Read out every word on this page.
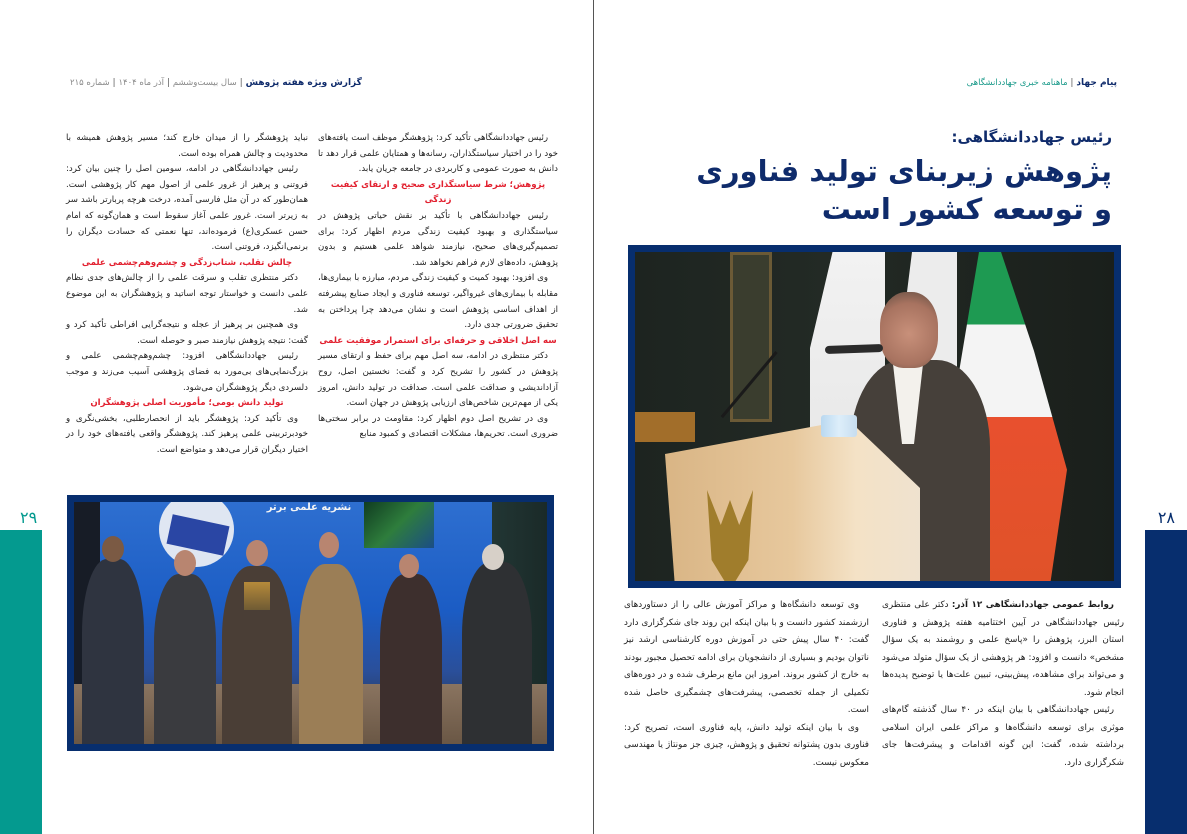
گزارش ویژه هفته پژوهش
|
سال بیست‌وششم
|
آذر ماه ۱۴۰۴
|
شماره ۲۱۵

رئیس جهاددانشگاهی تأکید کرد: پژوهشگر موظف است یافته‌های خود را در اختیار سیاستگذاران، رسانه‌ها و همتایان علمی قرار دهد تا دانش به صورت عمومی و کاربردی در جامعه جریان یابد.

پژوهش؛ شرط سیاستگذاری صحیح و ارتقای کیفیت زندگی

رئیس جهاددانشگاهی با تأکید بر نقش حیاتی پژوهش در سیاستگذاری و بهبود کیفیت زندگی مردم اظهار کرد: برای تصمیم‌گیری‌های صحیح، نیازمند شواهد علمی هستیم و بدون پژوهش، داده‌های لازم فراهم نخواهد شد.

وی افزود: بهبود کمیت و کیفیت زندگی مردم، مبارزه با بیماری‌ها، مقابله با بیماری‌های غیرواگیر، توسعه فناوری و ایجاد صنایع پیشرفته از اهداف اساسی پژوهش است و نشان می‌دهد چرا پرداختن به تحقیق ضرورتی جدی دارد.

سه اصل اخلاقی و حرفه‌ای برای استمرار موفقیت علمی

دکتر منتظری در ادامه، سه اصل مهم برای حفظ و ارتقای مسیر پژوهش در کشور را تشریح کرد و گفت: نخستین اصل، روح آزاداندیشی و صداقت علمی است. صداقت در تولید دانش، امروز یکی از مهم‌ترین شاخص‌های ارزیابی پژوهش در جهان است.

وی در تشریح اصل دوم اظهار کرد: مقاومت در برابر سختی‌ها ضروری است. تحریم‌ها، مشکلات اقتصادی و کمبود منابع

نباید پژوهشگر را از میدان خارج کند؛ مسیر پژوهش همیشه با محدودیت و چالش همراه بوده است.

رئیس جهاددانشگاهی در ادامه، سومین اصل را چنین بیان کرد: فروتنی و پرهیز از غرور علمی از اصول مهم کار پژوهشی است. همان‌طور که در آن مثل فارسی آمده، درخت هرچه پربارتر باشد سر به زیرتر است. غرور علمی آغاز سقوط است و همان‌گونه که امام حسن عسکری(ع) فرموده‌اند، تنها نعمتی که حسادت دیگران را برنمی‌انگیزد، فروتنی است.

چالش تقلب، شتاب‌زدگی و چشم‌وهم‌چشمی علمی

دکتر منتظری تقلب و سرقت علمی را از چالش‌های جدی نظام علمی دانست و خواستار توجه اساتید و پژوهشگران به این موضوع شد.

وی همچنین بر پرهیز از عجله و نتیجه‌گرایی افراطی تأکید کرد و گفت: نتیجه پژوهش نیازمند صبر و حوصله است.

رئیس جهاددانشگاهی افزود: چشم‌وهم‌چشمی علمی و بزرگ‌نمایی‌های بی‌مورد به فضای پژوهشی آسیب می‌زند و موجب دلسردی دیگر پژوهشگران می‌شود.

تولید دانش بومی؛ مأموریت اصلی پژوهشگران

وی تأکید کرد: پژوهشگر باید از انحصارطلبی، بخشی‌نگری و خودبرتربینی علمی پرهیز کند. پژوهشگر واقعی یافته‌های خود را در اختیار دیگران قرار می‌دهد و متواضع است.

نشریه علمی برتر
۲۹
پیام جهاد
|
ماهنامه خبری جهاددانشگاهی
رئیس جهاددانشگاهی:
پژوهش زیربنای تولید فناوری
و توسعه کشور است

روابط عمومی جهاددانشگاهی ۱۲ آذر: دکتر علی منتظری رئیس جهاددانشگاهی در آیین اختتامیه هفته پژوهش و فناوری استان البرز، پژوهش را «پاسخ علمی و روشمند به یک سؤال مشخص» دانست و افزود: هر پژوهشی از یک سؤال متولد می‌شود و می‌تواند برای مشاهده، پیش‌بینی، تبیین علت‌ها یا توضیح پدیده‌ها انجام شود.

رئیس جهاددانشگاهی با بیان اینکه در ۴۰ سال گذشته گام‌های موثری برای توسعه دانشگاه‌ها و مراکز علمی ایران اسلامی برداشته شده، گفت: این گونه اقدامات و پیشرفت‌ها جای شکرگزاری دارد.

وی توسعه دانشگاه‌ها و مراکز آموزش عالی را از دستاوردهای ارزشمند کشور دانست و با بیان اینکه این روند جای شکرگزاری دارد گفت: ۴۰ سال پیش حتی در آموزش دوره کارشناسی ارشد نیز ناتوان بودیم و بسیاری از دانشجویان برای ادامه تحصیل مجبور بودند به خارج از کشور بروند. امروز این مانع برطرف شده و در دوره‌های تکمیلی از جمله تخصصی، پیشرفت‌های چشمگیری حاصل شده است.

وی با بیان اینکه تولید دانش، پایه فناوری است، تصریح کرد: فناوری بدون پشتوانه تحقیق و پژوهش، چیزی جز مونتاژ یا مهندسی معکوس نیست.

۲۸
